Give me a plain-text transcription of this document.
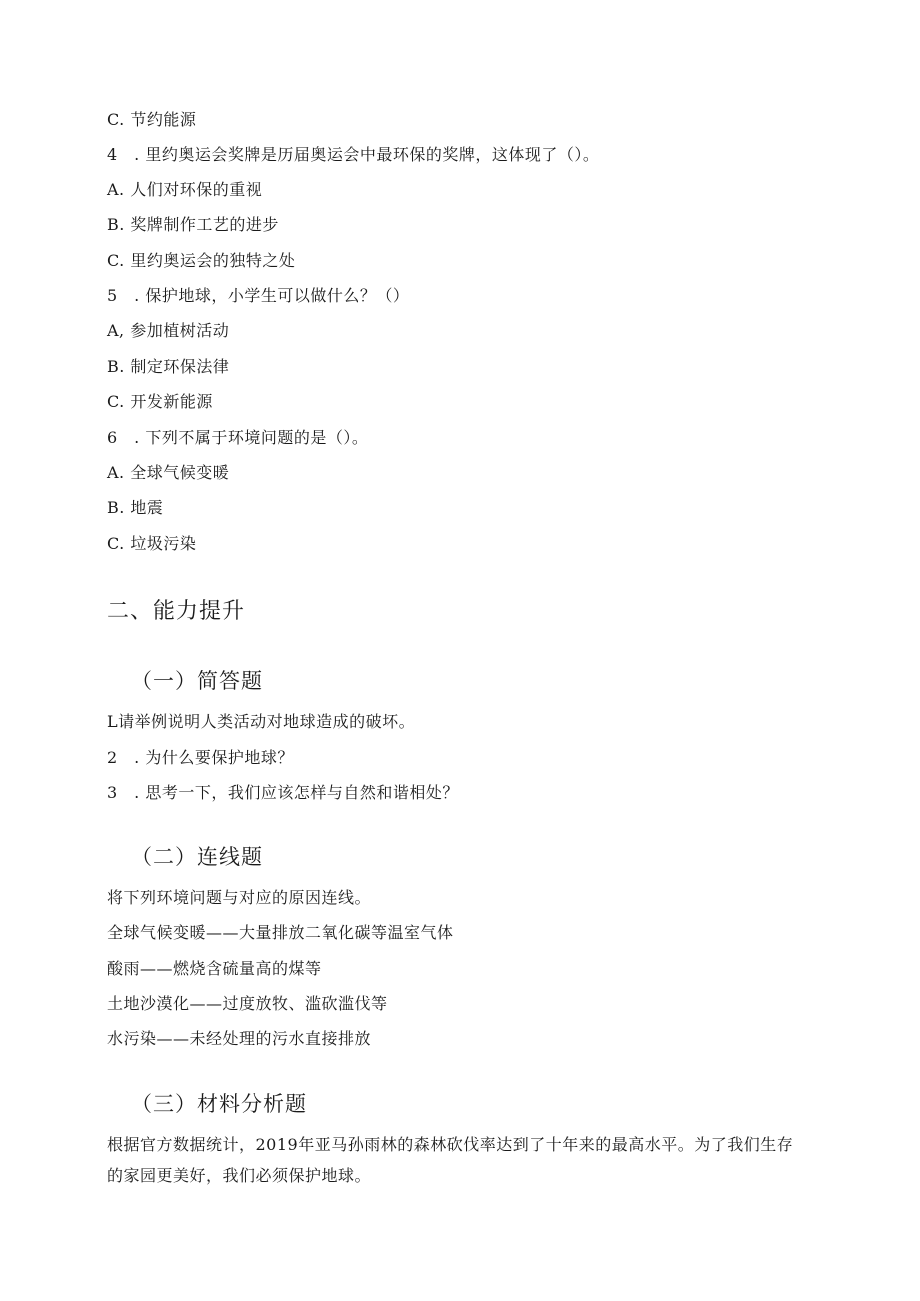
C. 节约能源
4　. 里约奥运会奖牌是历届奥运会中最环保的奖牌，这体现了（）。
A. 人们对环保的重视
B. 奖牌制作工艺的进步
C. 里约奥运会的独特之处
5　. 保护地球，小学生可以做什么？（）
A, 参加植树活动
B. 制定环保法律
C. 开发新能源
6　. 下列不属于环境问题的是（）。
A. 全球气候变暖
B. 地震
C. 垃圾污染
二、能力提升
（一）简答题
L请举例说明人类活动对地球造成的破坏。
2　. 为什么要保护地球？
3　. 思考一下，我们应该怎样与自然和谐相处？
（二）连线题
将下列环境问题与对应的原因连线。
全球气候变暖——大量排放二氧化碳等温室气体
酸雨——燃烧含硫量高的煤等
土地沙漠化——过度放牧、滥砍滥伐等
水污染——未经处理的污水直接排放
（三）材料分析题
根据官方数据统计，2019年亚马孙雨林的森林砍伐率达到了十年来的最高水平。为了我们生存
的家园更美好，我们必须保护地球。
